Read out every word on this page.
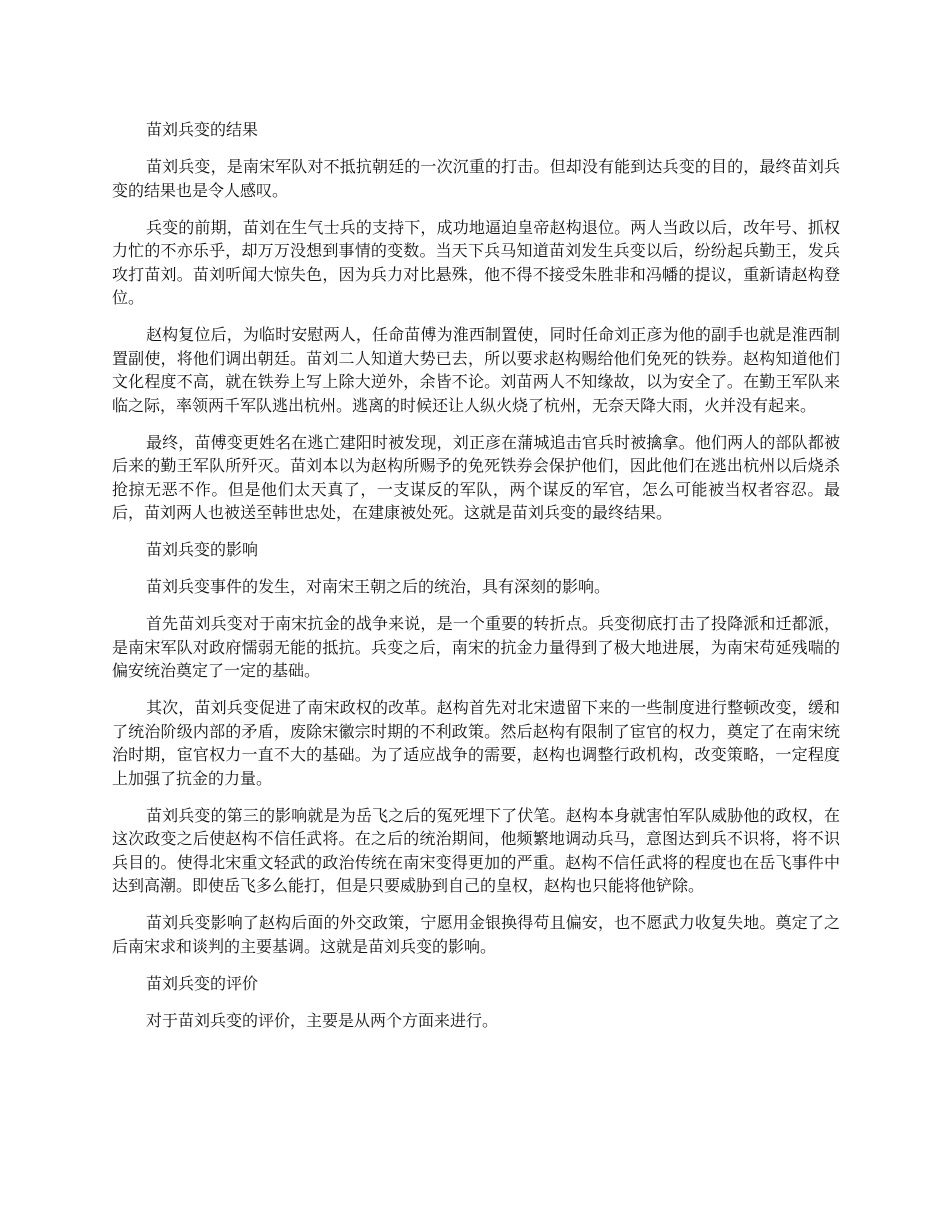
苗刘兵变的结果

苗刘兵变，是南宋军队对不抵抗朝廷的一次沉重的打击。但却没有能到达兵变的目的，最终苗刘兵变的结果也是令人感叹。

兵变的前期，苗刘在生气士兵的支持下，成功地逼迫皇帝赵构退位。两人当政以后，改年号、抓权力忙的不亦乐乎，却万万没想到事情的变数。当天下兵马知道苗刘发生兵变以后，纷纷起兵勤王，发兵攻打苗刘。苗刘听闻大惊失色，因为兵力对比悬殊，他不得不接受朱胜非和冯幡的提议，重新请赵构登位。

赵构复位后，为临时安慰两人，任命苗傅为淮西制置使，同时任命刘正彦为他的副手也就是淮西制置副使，将他们调出朝廷。苗刘二人知道大势已去，所以要求赵构赐给他们免死的铁券。赵构知道他们文化程度不高，就在铁券上写上除大逆外，余皆不论。刘苗两人不知缘故，以为安全了。在勤王军队来临之际，率领两千军队逃出杭州。逃离的时候还让人纵火烧了杭州，无奈天降大雨，火并没有起来。

最终，苗傅变更姓名在逃亡建阳时被发现，刘正彦在蒲城追击官兵时被擒拿。他们两人的部队都被后来的勤王军队所歼灭。苗刘本以为赵构所赐予的免死铁券会保护他们，因此他们在逃出杭州以后烧杀抢掠无恶不作。但是他们太天真了，一支谋反的军队，两个谋反的军官，怎么可能被当权者容忍。最后，苗刘两人也被送至韩世忠处，在建康被处死。这就是苗刘兵变的最终结果。

苗刘兵变的影响

苗刘兵变事件的发生，对南宋王朝之后的统治，具有深刻的影响。

首先苗刘兵变对于南宋抗金的战争来说，是一个重要的转折点。兵变彻底打击了投降派和迁都派，是南宋军队对政府懦弱无能的抵抗。兵变之后，南宋的抗金力量得到了极大地进展，为南宋苟延残喘的偏安统治奠定了一定的基础。

其次，苗刘兵变促进了南宋政权的改革。赵构首先对北宋遗留下来的一些制度进行整顿改变，缓和了统治阶级内部的矛盾，废除宋徽宗时期的不利政策。然后赵构有限制了宦官的权力，奠定了在南宋统治时期，宦官权力一直不大的基础。为了适应战争的需要，赵构也调整行政机构，改变策略，一定程度上加强了抗金的力量。

苗刘兵变的第三的影响就是为岳飞之后的冤死埋下了伏笔。赵构本身就害怕军队威胁他的政权，在这次政变之后使赵构不信任武将。在之后的统治期间，他频繁地调动兵马，意图达到兵不识将，将不识兵目的。使得北宋重文轻武的政治传统在南宋变得更加的严重。赵构不信任武将的程度也在岳飞事件中达到高潮。即使岳飞多么能打，但是只要威胁到自己的皇权，赵构也只能将他铲除。

苗刘兵变影响了赵构后面的外交政策，宁愿用金银换得苟且偏安，也不愿武力收复失地。奠定了之后南宋求和谈判的主要基调。这就是苗刘兵变的影响。

苗刘兵变的评价

对于苗刘兵变的评价，主要是从两个方面来进行。
